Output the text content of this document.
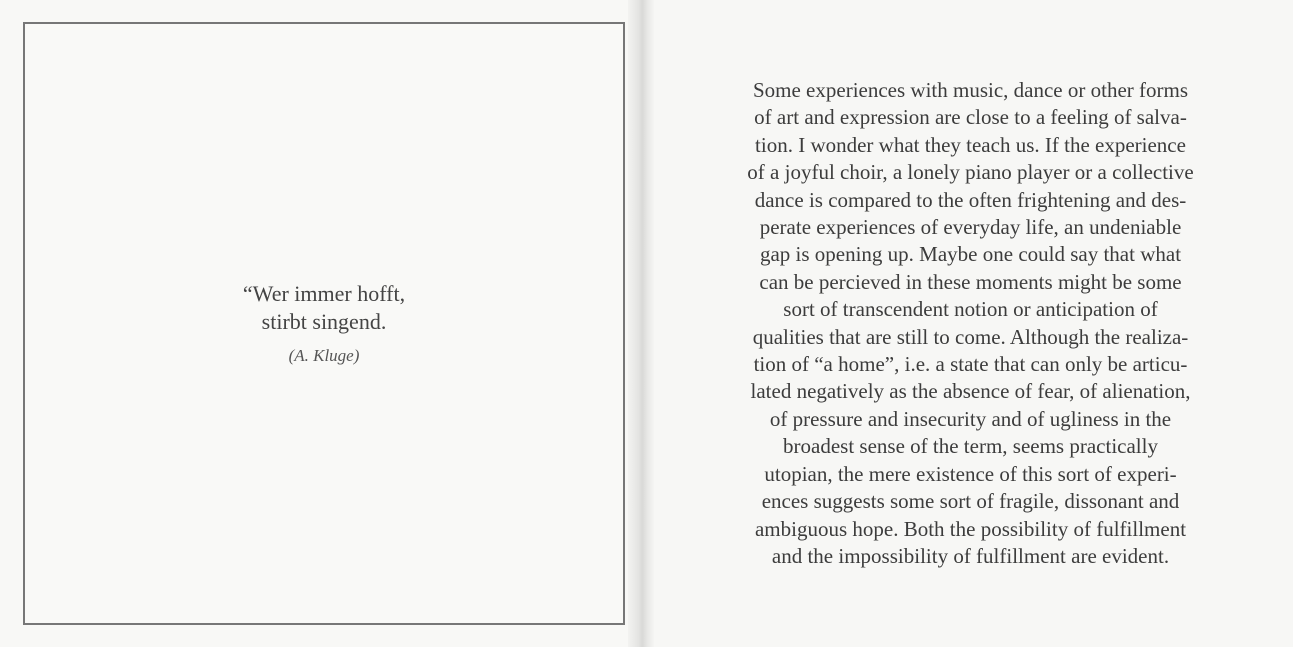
“Wer immer hofft,
stirbt singend.
(A. Kluge)
Some experiences with music, dance or other forms
of art and expression are close to a feeling of salva-
tion. I wonder what they teach us. If the experience
of a joyful choir, a lonely piano player or a collective
dance is compared to the often frightening and des-
perate experiences of everyday life, an undeniable
gap is opening up. Maybe one could say that what
can be percieved in these moments might be some
sort of transcendent notion or anticipation of
qualities that are still to come. Although the realiza-
tion of “a home”, i.e. a state that can only be articu-
lated negatively as the absence of fear, of alienation,
of pressure and insecurity and of ugliness in the
broadest sense of the term, seems practically
utopian, the mere existence of this sort of experi-
ences suggests some sort of fragile, dissonant and
ambiguous hope. Both the possibility of fulfillment
and the impossibility of fulfillment are evident.
